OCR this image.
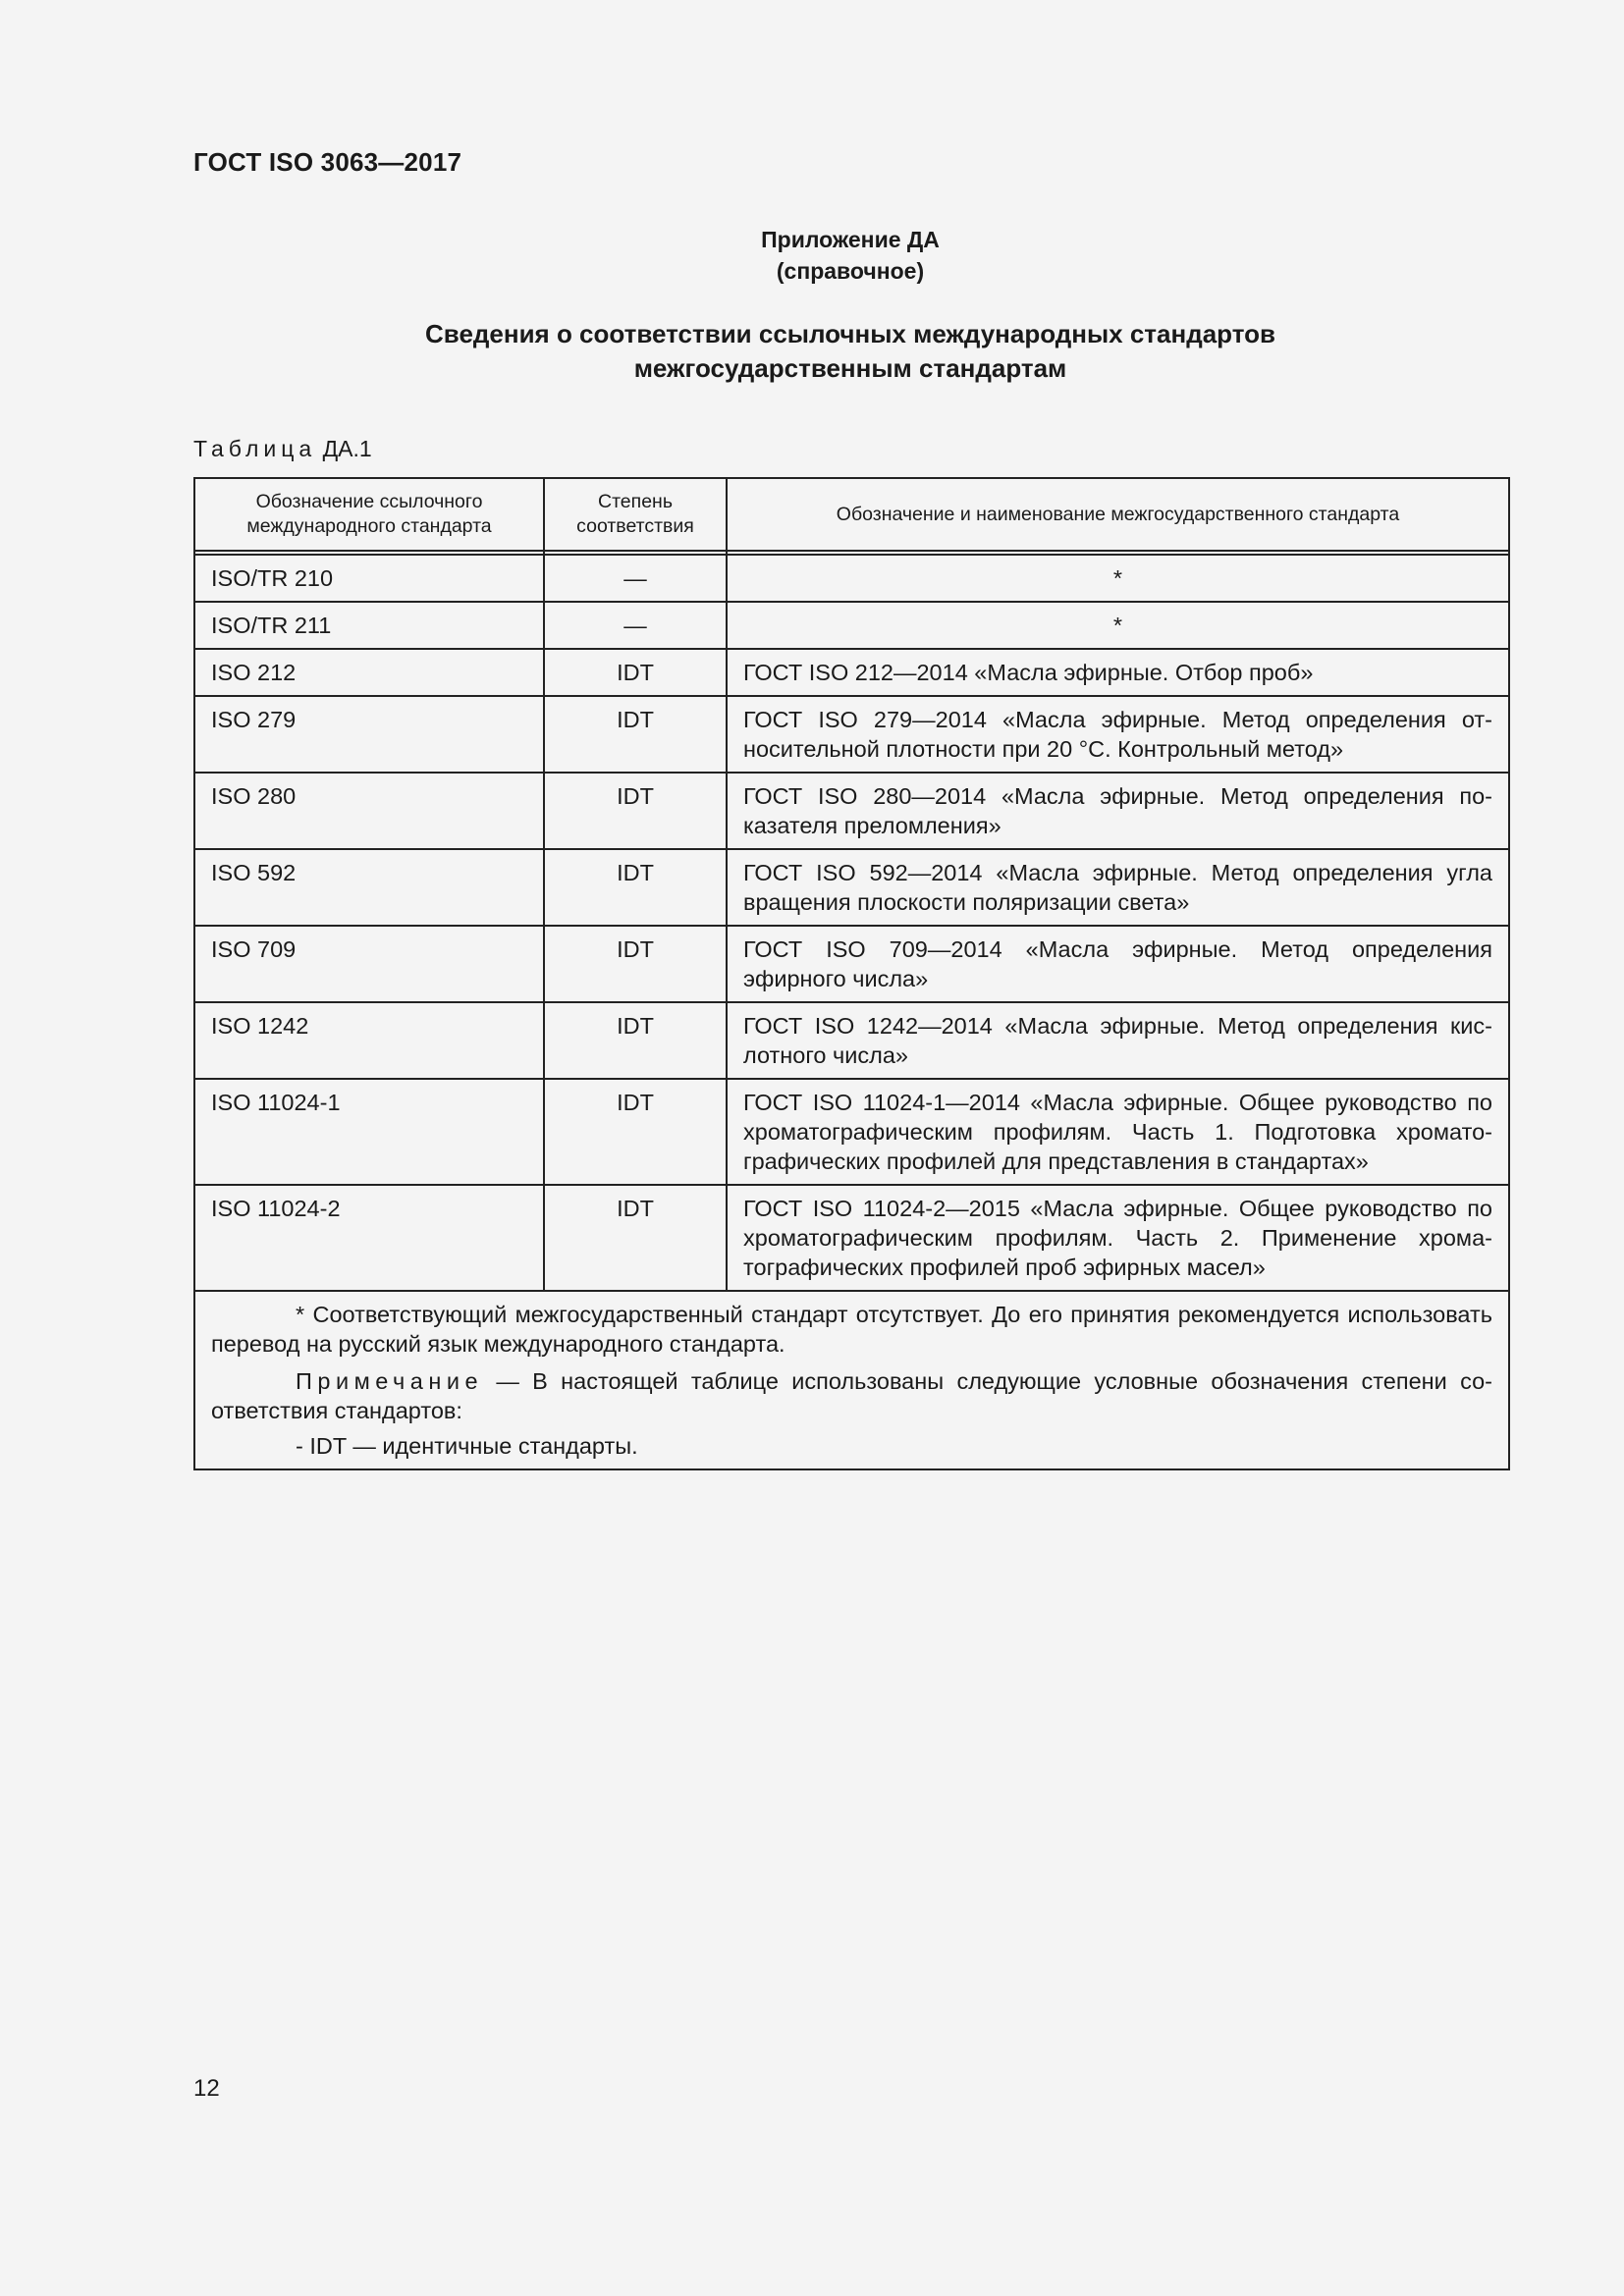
ГОСТ ISO 3063—2017
Приложение ДА
(справочное)
Сведения о соответствии ссылочных международных стандартов
межгосударственным стандартам
Таблица ДА.1
Обозначение ссылочного международного стандарта	Степень соответствия	Обозначение и наименование межгосударственного стандарта

ISO/TR 210	—	*
ISO/TR 211	—	*
ISO 212	IDT	ГОСТ ISO 212—2014 «Масла эфирные. Отбор проб»
ISO 279	IDT	ГОСТ ISO 279—2014 «Масла эфирные. Метод определения относительной плотности при 20 °С. Контрольный метод»
ISO 280	IDT	ГОСТ ISO 280—2014 «Масла эфирные. Метод определения показателя преломления»
ISO 592	IDT	ГОСТ ISO 592—2014 «Масла эфирные. Метод определения угла вращения плоскости поляризации света»
ISO 709	IDT	ГОСТ ISO 709—2014 «Масла эфирные. Метод определения эфирного числа»
ISO 1242	IDT	ГОСТ ISO 1242—2014 «Масла эфирные. Метод определения кислотного числа»
ISO 11024-1	IDT	ГОСТ ISO 11024-1—2014 «Масла эфирные. Общее руководство по хроматографическим профилям. Часть 1. Подготовка хроматографических профилей для представления в стандартах»
ISO 11024-2	IDT	ГОСТ ISO 11024-2—2015 «Масла эфирные. Общее руководство по хроматографическим профилям. Часть 2. Применение хроматографических профилей проб эфирных масел»

* Соответствующий межгосударственный стандарт отсутствует. До его принятия рекомендуется использовать перевод на русский язык международного стандарта.

Примечание — В настоящей таблице использованы следующие условные обозначения степени соответствия стандартов:

- IDT — идентичные стандарты.		
12
